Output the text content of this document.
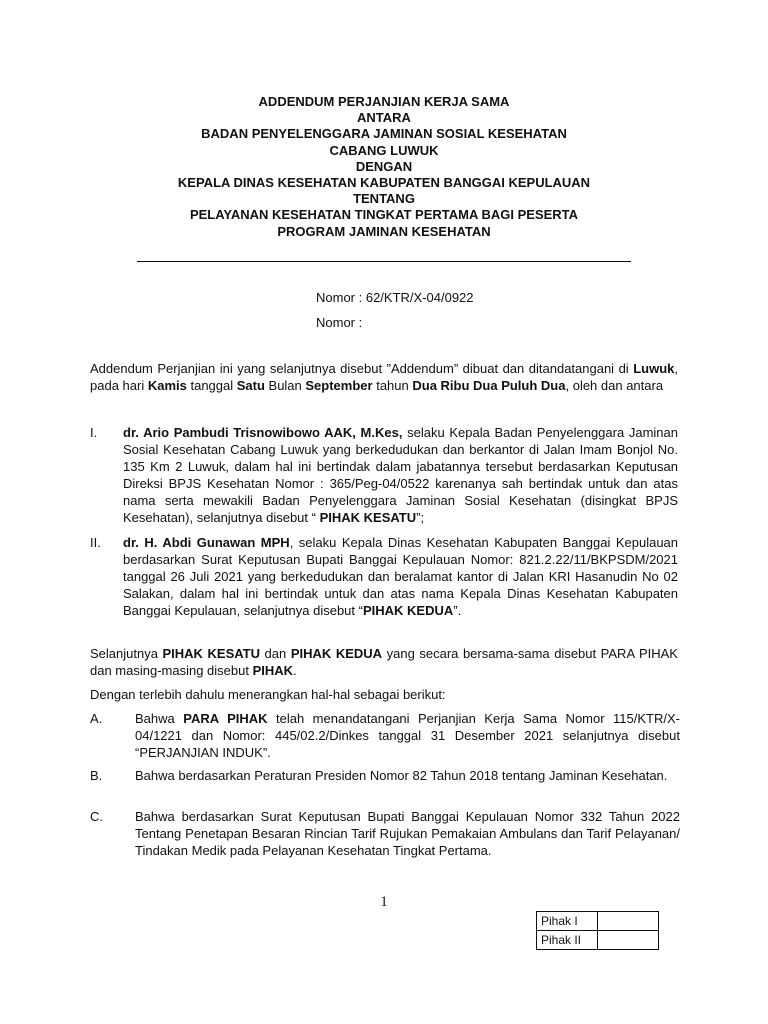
ADDENDUM PERJANJIAN KERJA SAMA
ANTARA
BADAN PENYELENGGARA JAMINAN SOSIAL KESEHATAN
CABANG LUWUK
DENGAN
KEPALA DINAS KESEHATAN KABUPATEN BANGGAI KEPULAUAN
TENTANG
PELAYANAN KESEHATAN TINGKAT PERTAMA BAGI PESERTA
PROGRAM JAMINAN KESEHATAN
Nomor : 62/KTR/X-04/0922
Nomor :
Addendum Perjanjian ini yang selanjutnya disebut ”Addendum” dibuat dan ditandatangani di Luwuk, pada hari Kamis tanggal Satu Bulan September tahun Dua Ribu Dua Puluh Dua, oleh dan antara
I. dr. Ario Pambudi Trisnowibowo AAK, M.Kes, selaku Kepala Badan Penyelenggara Jaminan Sosial Kesehatan Cabang Luwuk yang berkedudukan dan berkantor di Jalan Imam Bonjol No. 135 Km 2 Luwuk, dalam hal ini bertindak dalam jabatannya tersebut berdasarkan Keputusan Direksi BPJS Kesehatan Nomor : 365/Peg-04/0522 karenanya sah bertindak untuk dan atas nama serta mewakili Badan Penyelenggara Jaminan Sosial Kesehatan (disingkat BPJS Kesehatan), selanjutnya disebut “ PIHAK KESATU”;
II. dr. H. Abdi Gunawan MPH, selaku Kepala Dinas Kesehatan Kabupaten Banggai Kepulauan berdasarkan Surat Keputusan Bupati Banggai Kepulauan Nomor: 821.2.22/11/BKPSDM/2021 tanggal 26 Juli 2021 yang berkedudukan dan beralamat kantor di Jalan KRI Hasanudin No 02 Salakan, dalam hal ini bertindak untuk dan atas nama Kepala Dinas Kesehatan Kabupaten Banggai Kepulauan, selanjutnya disebut “PIHAK KEDUA”.
Selanjutnya PIHAK KESATU dan PIHAK KEDUA yang secara bersama-sama disebut PARA PIHAK dan masing-masing disebut PIHAK.
Dengan terlebih dahulu menerangkan hal-hal sebagai berikut:
A.	Bahwa PARA PIHAK telah menandatangani Perjanjian Kerja Sama Nomor 115/KTR/X-04/1221 dan Nomor: 445/02.2/Dinkes tanggal 31 Desember 2021 selanjutnya disebut “PERJANJIAN INDUK”.
B.	Bahwa berdasarkan Peraturan Presiden Nomor 82 Tahun 2018 tentang Jaminan Kesehatan.
C. Bahwa berdasarkan Surat Keputusan Bupati Banggai Kepulauan Nomor 332 Tahun 2022 Tentang Penetapan Besaran Rincian Tarif Rujukan Pemakaian Ambulans dan Tarif Pelayanan/ Tindakan Medik pada Pelayanan Kesehatan Tingkat Pertama.
1
Pihak I	
Pihak II	
